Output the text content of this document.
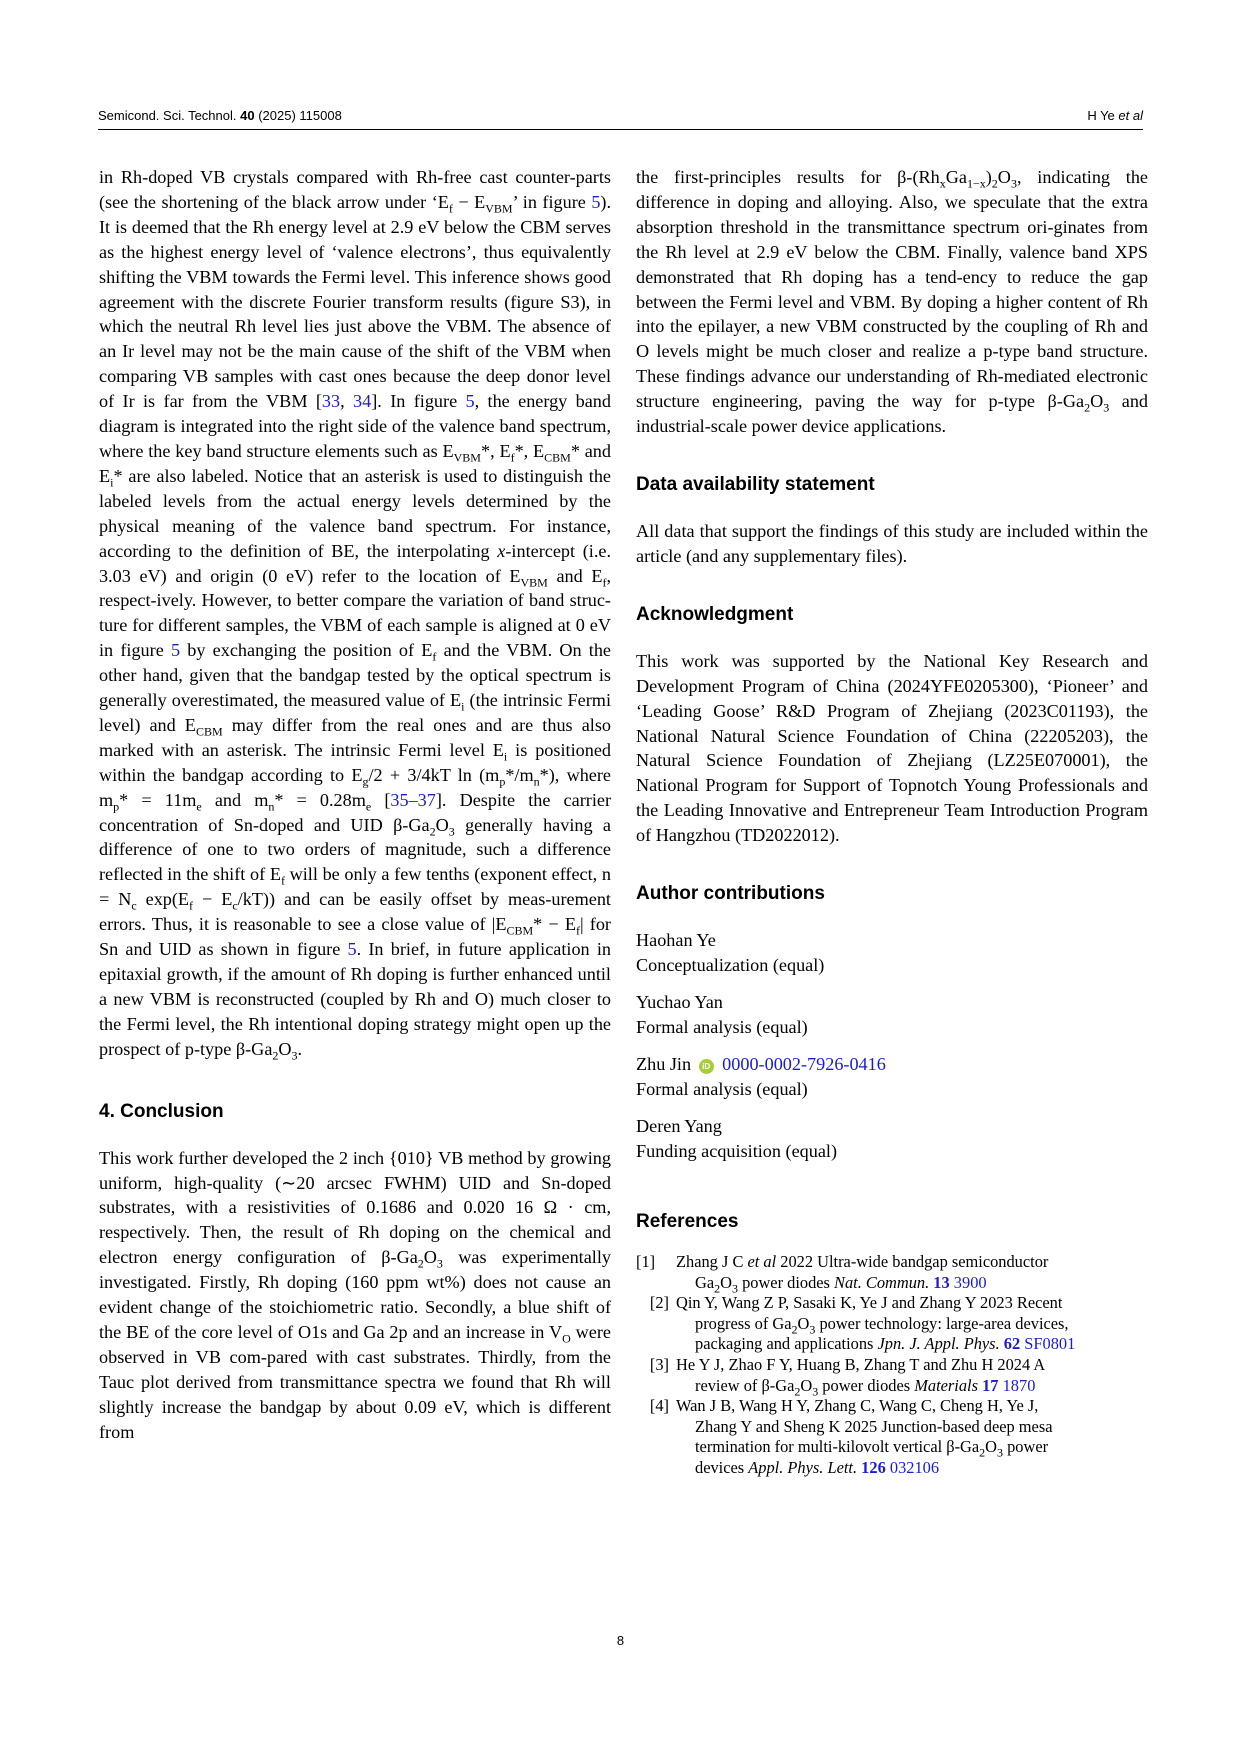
Semicond. Sci. Technol. 40 (2025) 115008	H Ye et al

in Rh-doped VB crystals compared with Rh-free cast counter-parts (see the shortening of the black arrow under ‘$E_f - E_{VBM}$’ in figure 5). It is deemed that the Rh energy level at 2.9 eV below the CBM serves as the highest energy level of ‘valence electrons’, thus equivalently shifting the VBM towards the Fermi level. This inference shows good agreement with the discrete Fourier transform results (figure S3), in which the neutral Rh level lies just above the VBM. The absence of an Ir level may not be the main cause of the shift of the VBM when comparing VB samples with cast ones because the deep donor level of Ir is far from the VBM [33, 34]. In figure 5, the energy band diagram is integrated into the right side of the valence band spectrum, where the key band structure elements such as $E_{VBM}*$, $E_f*$, $E_{CBM}*$ and $E_i*$ are also labeled. Notice that an asterisk is used to distinguish the labeled levels from the actual energy levels determined by the physical meaning of the valence band spectrum. For instance, according to the definition of BE, the interpolating x-intercept (i.e. 3.03 eV) and origin (0 eV) refer to the location of $E_{VBM}$ and $E_f$, respect-ively. However, to better compare the variation of band struc-ture for different samples, the VBM of each sample is aligned at 0 eV in figure 5 by exchanging the position of $E_f$ and the VBM. On the other hand, given that the bandgap tested by the optical spectrum is generally overestimated, the measured value of $E_i$ (the intrinsic Fermi level) and $E_{CBM}$ may differ from the real ones and are thus also marked with an asterisk. The intrinsic Fermi level $E_i$ is positioned within the bandgap according to $E_g/2 + 3/4kT$ $\ln (m_p*/m_n*)$, where $m_p* = 11m_e$ and $m_n* = 0.28m_e$ [35–37]. Despite the carrier concentration of Sn-doped and UID $\beta-Ga_2O_3$ generally having a difference of one to two orders of magnitude, such a difference reflected in the shift of $E_f$ will be only a few tenths (exponent effect, $n = N_c$ $\exp(E_f - E_c/kT)$) and can be easily offset by meas-urement errors. Thus, it is reasonable to see a close value of $|E_{CBM}* - E_f|$ for Sn and UID as shown in figure 5. In brief, in future application in epitaxial growth, if the amount of Rh doping is further enhanced until a new VBM is reconstructed (coupled by Rh and O) much closer to the Fermi level, the Rh intentional doping strategy might open up the prospect of p-type $\beta-Ga_2O_3$.

4. Conclusion

This work further developed the 2 inch {010} VB method by growing uniform, high-quality (∼20 arcsec FWHM) UID and Sn-doped substrates, with a resistivities of 0.1686 and 0.020 16 Ω · cm, respectively. Then, the result of Rh doping on the chemical and electron energy configuration of $\beta-Ga_2O_3$ was experimentally investigated. Firstly, Rh doping (160 ppm wt%) does not cause an evident change of the stoichiometric ratio. Secondly, a blue shift of the BE of the core level of O1s and Ga 2p and an increase in $V_O$ were observed in VB com-pared with cast substrates. Thirdly, from the Tauc plot derived from transmittance spectra we found that Rh will slightly increase the bandgap by about 0.09 eV, which is different from

the first-principles results for $\beta-(Rh_xGa_{1-x})_2O_3$, indicating the difference in doping and alloying. Also, we speculate that the extra absorption threshold in the transmittance spectrum ori-ginates from the Rh level at 2.9 eV below the CBM. Finally, valence band XPS demonstrated that Rh doping has a tend-ency to reduce the gap between the Fermi level and VBM. By doping a higher content of Rh into the epilayer, a new VBM constructed by the coupling of Rh and O levels might be much closer and realize a p-type band structure. These findings advance our understanding of Rh-mediated electronic structure engineering, paving the way for p-type $\beta-Ga_2O_3$ and industrial-scale power device applications.

Data availability statement

All data that support the findings of this study are included within the article (and any supplementary files).

Acknowledgment

This work was supported by the National Key Research and Development Program of China (2024YFE0205300), ‘Pioneer’ and ‘Leading Goose’ R&D Program of Zhejiang (2023C01193), the National Natural Science Foundation of China (22205203), the Natural Science Foundation of Zhejiang (LZ25E070001), the National Program for Support of Topnotch Young Professionals and the Leading Innovative and Entrepreneur Team Introduction Program of Hangzhou (TD2022012).

Author contributions
Haohan Ye
Conceptualization (equal)
Yuchao Yan
Formal analysis (equal)
Zhu Jin iD 0000-0002-7926-0416
Formal analysis (equal)
Deren Yang
Funding acquisition (equal)
References
[1]	Zhang J C et al 2022 Ultra-wide bandgap semiconductor
$Ga_2O_3$ power diodes Nat. Commun. 13 3900
[2] Qin Y, Wang Z P, Sasaki K, Ye J and Zhang Y 2023 Recent
progress of $Ga_2O_3$ power technology: large-area devices,
packaging and applications Jpn. J. Appl. Phys. 62 SF0801
[3] He Y J, Zhao F Y, Huang B, Zhang T and Zhu H 2024 A
review of $\beta-Ga_2O_3$ power diodes Materials 17 1870
[4] Wan J B, Wang H Y, Zhang C, Wang C, Cheng H, Ye J,
Zhang Y and Sheng K 2025 Junction-based deep mesa
termination for multi-kilovolt vertical $\beta-Ga_2O_3$ power
devices Appl. Phys. Lett. 126 032106
8
